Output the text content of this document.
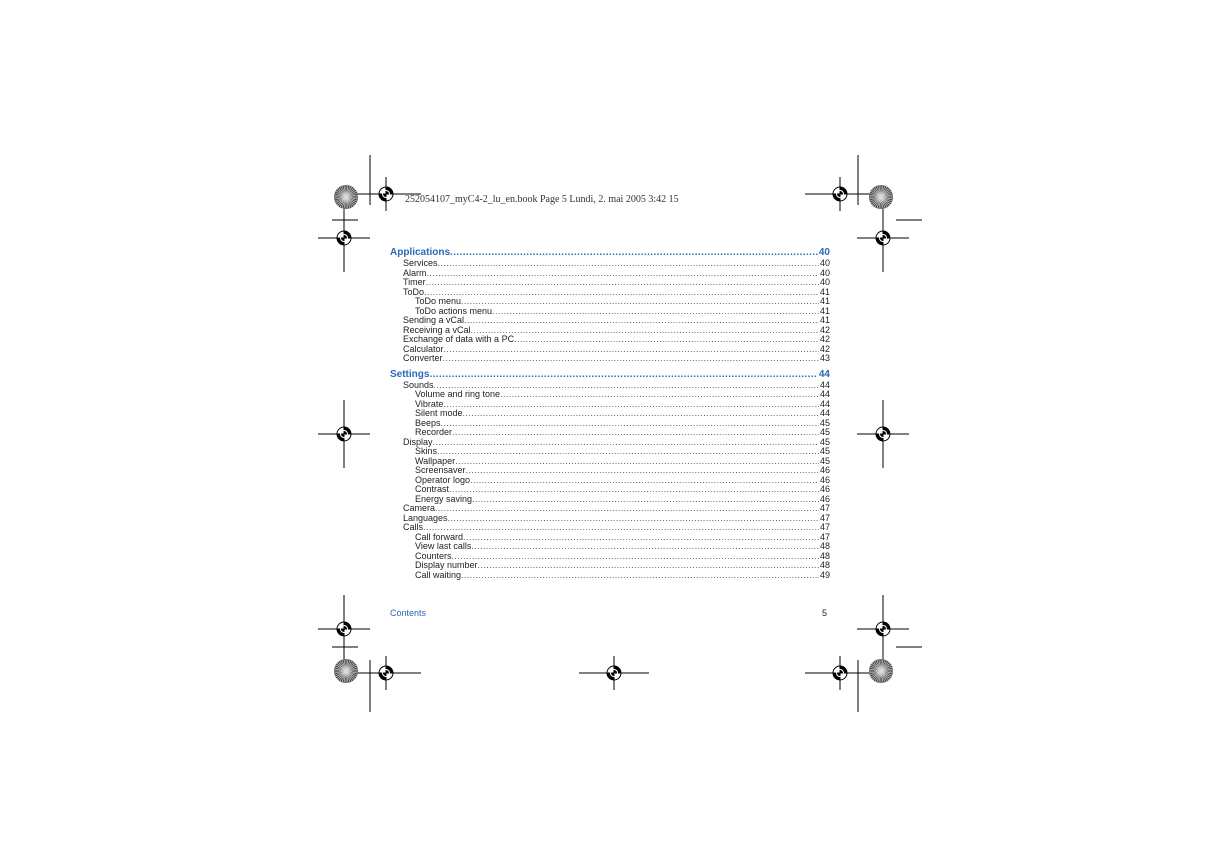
252054107_myC4-2_lu_en.book Page 5 Lundi, 2. mai 2005 3:42 15
Applications .....	40
Services .....	40
Alarm .....	40
Timer .....	40
ToDo .....	41
ToDo menu .....	41
ToDo actions menu .....	41
Sending a vCal .....	41
Receiving a vCal .....	42
Exchange of data with a PC .....	42
Calculator .....	42
Converter .....	43
Settings .....	44
Sounds .....	44
Volume and ring tone .....	44
Vibrate .....	44
Silent mode .....	44
Beeps .....	45
Recorder .....	45
Display .....	45
Skins .....	45
Wallpaper .....	45
Screensaver .....	46
Operator logo .....	46
Contrast .....	46
Energy saving .....	46
Camera .....	47
Languages .....	47
Calls .....	47
Call forward .....	47
View last calls .....	48
Counters .....	48
Display number .....	48
Call waiting .....	49
Contents	5
